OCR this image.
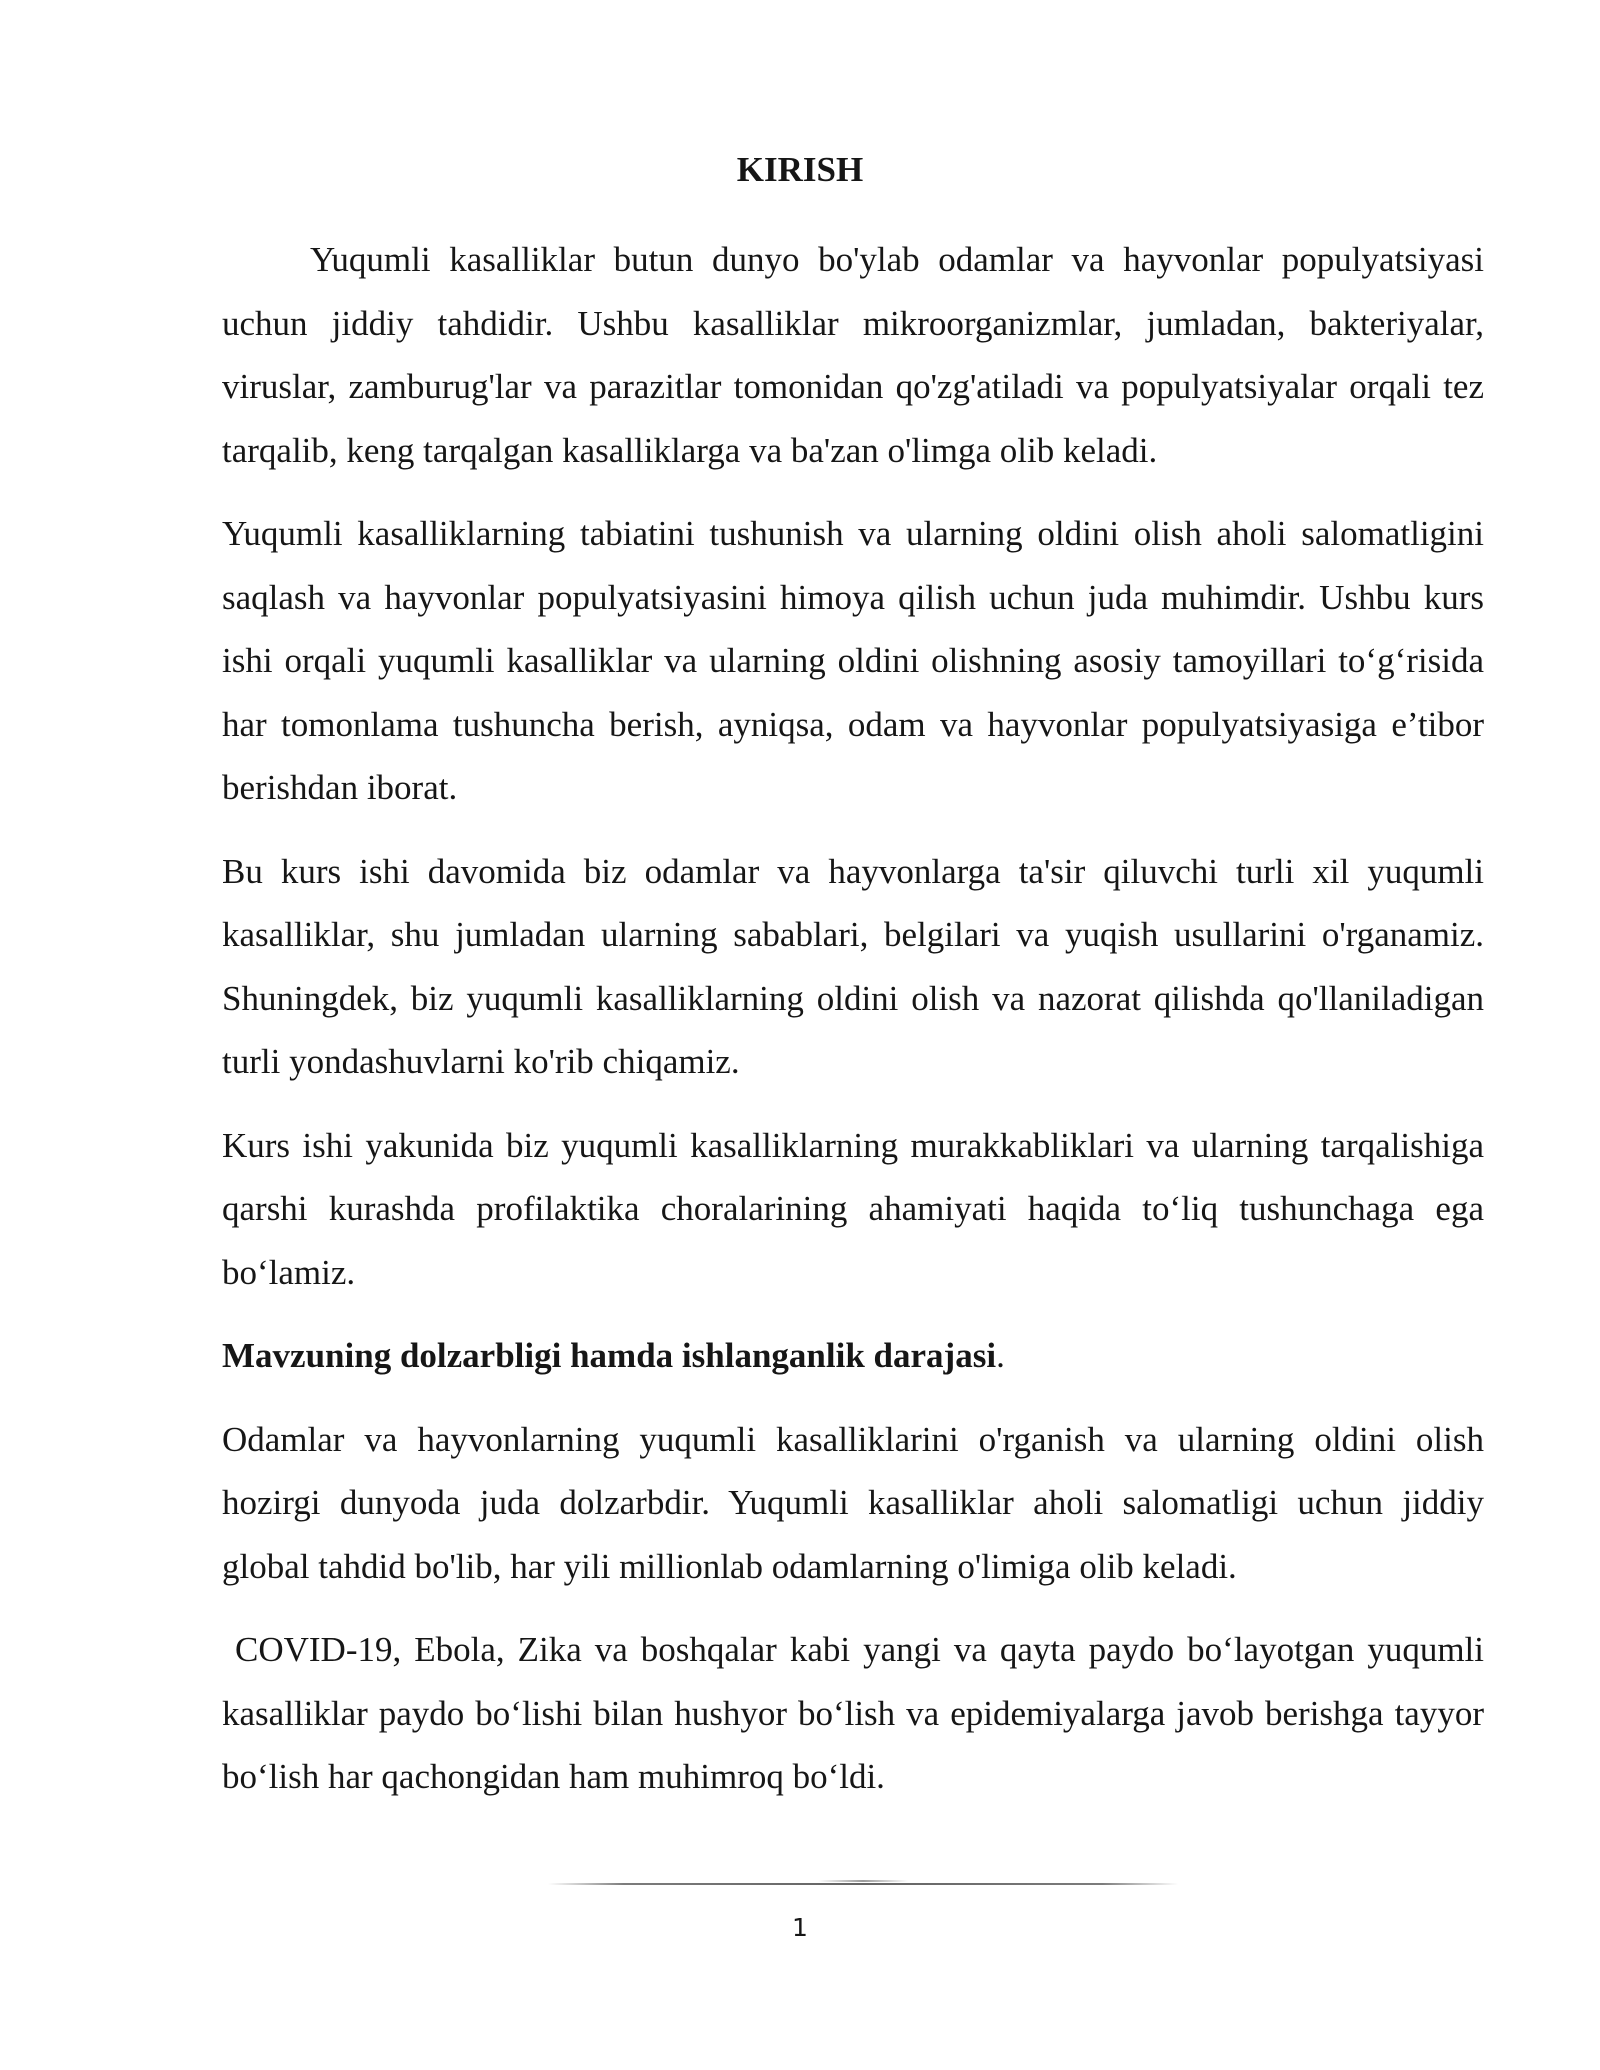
KIRISH

Yuqumli kasalliklar butun dunyo bo'ylab odamlar va hayvonlar populyatsiyasi uchun jiddiy tahdidir. Ushbu kasalliklar mikroorganizmlar, jumladan, bakteriyalar, viruslar, zamburug'lar va parazitlar tomonidan qo'zg'atiladi va populyatsiyalar orqali tez tarqalib, keng tarqalgan kasalliklarga va ba'zan o'limga olib keladi.

Yuqumli kasalliklarning tabiatini tushunish va ularning oldini olish aholi salomatligini saqlash va hayvonlar populyatsiyasini himoya qilish uchun juda muhimdir. Ushbu kurs ishi orqali yuqumli kasalliklar va ularning oldini olishning asosiy tamoyillari to‘g‘risida har tomonlama tushuncha berish, ayniqsa, odam va hayvonlar populyatsiyasiga e’tibor berishdan iborat.

Bu kurs ishi davomida biz odamlar va hayvonlarga ta'sir qiluvchi turli xil yuqumli kasalliklar, shu jumladan ularning sabablari, belgilari va yuqish usullarini o'rganamiz. Shuningdek, biz yuqumli kasalliklarning oldini olish va nazorat qilishda qo'llaniladigan turli yondashuvlarni ko'rib chiqamiz.

Kurs ishi yakunida biz yuqumli kasalliklarning murakkabliklari va ularning tarqalishiga qarshi kurashda profilaktika choralarining ahamiyati haqida to‘liq tushunchaga ega bo‘lamiz.

Mavzuning dolzarbligi hamda ishlanganlik darajasi.

Odamlar va hayvonlarning yuqumli kasalliklarini o'rganish va ularning oldini olish hozirgi dunyoda juda dolzarbdir. Yuqumli kasalliklar aholi salomatligi uchun jiddiy global tahdid bo'lib, har yili millionlab odamlarning o'limiga olib keladi.

COVID-19, Ebola, Zika va boshqalar kabi yangi va qayta paydo bo‘layotgan yuqumli kasalliklar paydo bo‘lishi bilan hushyor bo‘lish va epidemiyalarga javob berishga tayyor bo‘lish har qachongidan ham muhimroq bo‘ldi.

1
